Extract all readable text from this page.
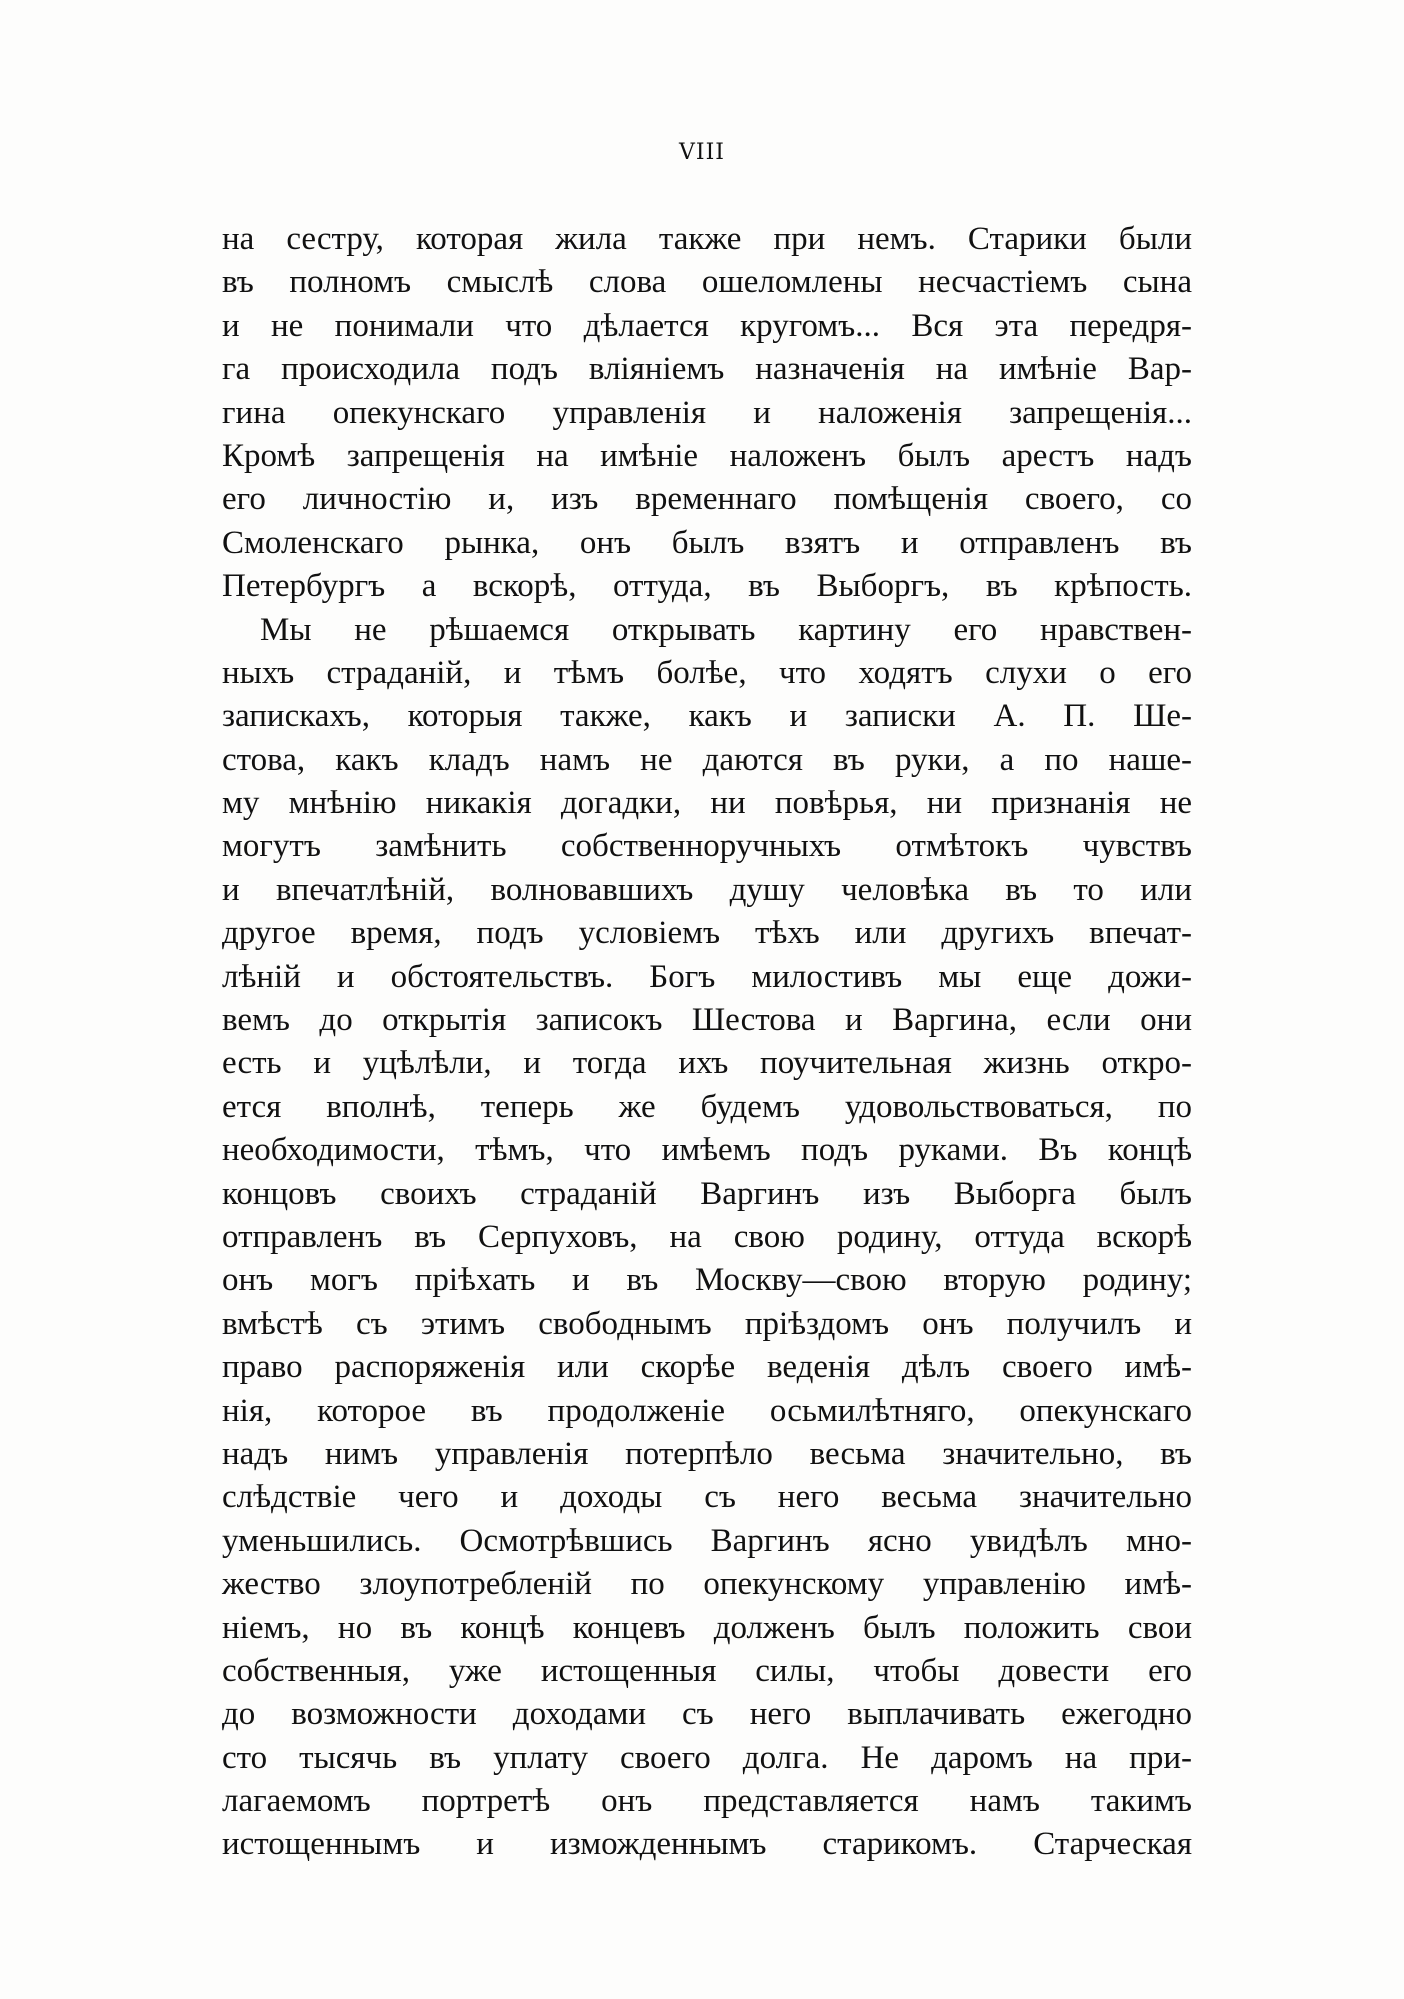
VIII
на сестру, которая жила также при немъ. Старики были
въ полномъ смыслѣ слова ошеломлены несчастіемъ сына
и не понимали что дѣлается кругомъ... Вся эта передря-
га происходила подъ вліяніемъ назначенія на имѣніе Вар-
гина опекунскаго управленія и наложенія запрещенія...
Кромѣ запрещенія на имѣніе наложенъ былъ арестъ надъ
его личностію и, изъ временнаго помѣщенія своего, со
Смоленскаго рынка, онъ былъ взятъ и отправленъ въ
Петербургъ а вскорѣ, оттуда, въ Выборгъ, въ крѣпость.
Мы не рѣшаемся открывать картину его нравствен-
ныхъ страданій, и тѣмъ болѣе, что ходятъ слухи о его
запискахъ, которыя также, какъ и записки А. П. Ше-
стова, какъ кладъ намъ не даются въ руки, а по наше-
му мнѣнію никакія догадки, ни повѣрья, ни признанія не
могутъ замѣнить собственноручныхъ отмѣтокъ чувствъ
и впечатлѣній, волновавшихъ душу человѣка въ то или
другое время, подъ условіемъ тѣхъ или другихъ впечат-
лѣній и обстоятельствъ. Богъ милостивъ мы еще дожи-
вемъ до открытія записокъ Шестова и Варгина, если они
есть и уцѣлѣли, и тогда ихъ поучительная жизнь откро-
ется вполнѣ, теперь же будемъ удовольствоваться, по
необходимости, тѣмъ, что имѣемъ подъ руками. Въ концѣ
концовъ своихъ страданій Варгинъ изъ Выборга былъ
отправленъ въ Серпуховъ, на свою родину, оттуда вскорѣ
онъ могъ пріѣхать и въ Москву—свою вторую родину;
вмѣстѣ съ этимъ свободнымъ пріѣздомъ онъ получилъ и
право распоряженія или скорѣе веденія дѣлъ своего имѣ-
нія, которое въ продолженіе осьмилѣтняго, опекунскаго
надъ нимъ управленія потерпѣло весьма значительно, въ
слѣдствіе чего и доходы съ него весьма значительно
уменьшились. Осмотрѣвшись Варгинъ ясно увидѣлъ мно-
жество злоупотребленій по опекунскому управленію имѣ-
ніемъ, но въ концѣ концевъ долженъ былъ положить свои
собственныя, уже истощенныя силы, чтобы довести его
до возможности доходами съ него выплачивать ежегодно
сто тысячь въ уплату своего долга. Не даромъ на при-
лагаемомъ портретѣ онъ представляется намъ такимъ
истощеннымъ и изможденнымъ старикомъ. Старческая
